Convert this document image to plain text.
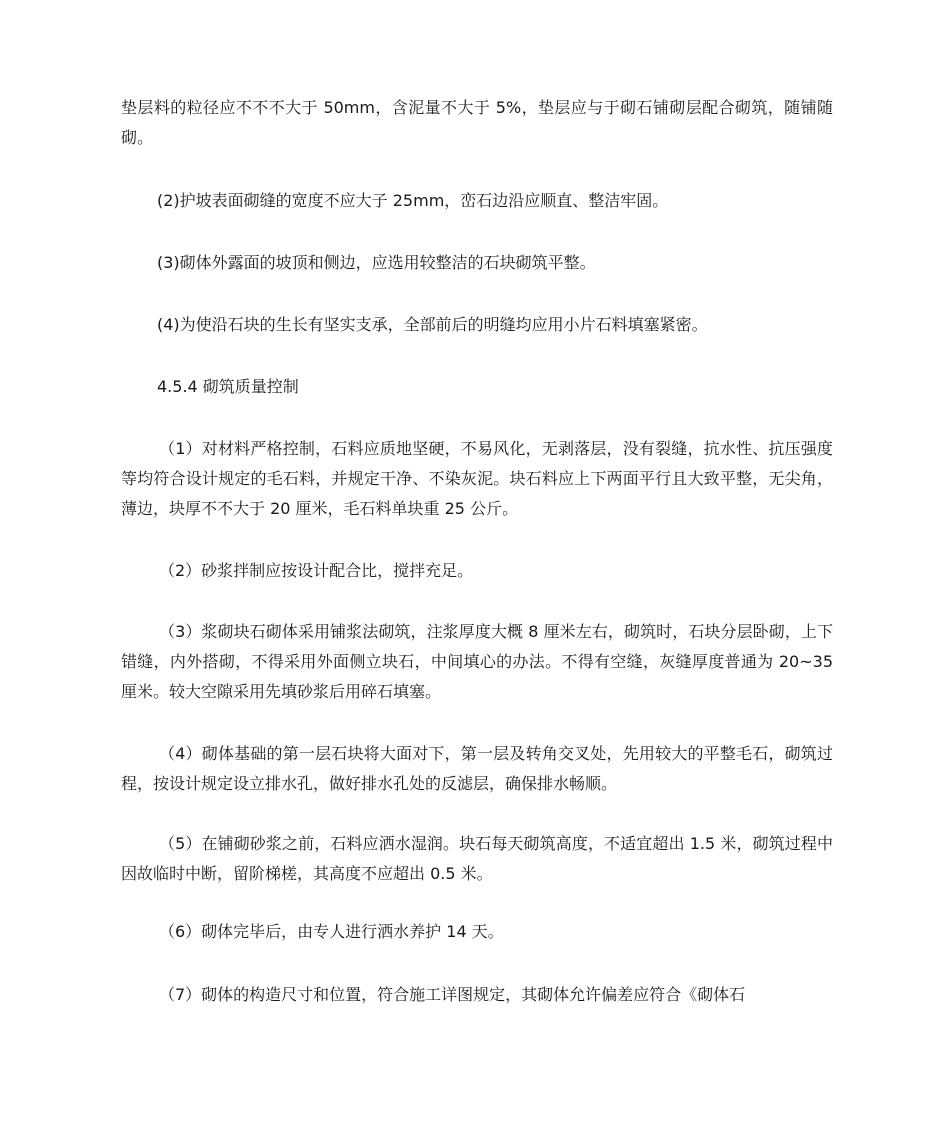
垫层料的粒径应不不不大于 50mm，含泥量不大于 5%，垫层应与于砌石铺砌层配合砌筑，随铺随砌。

(2)护坡表面砌缝的宽度不应大子 25mm，峦石边沿应顺直、整洁牢固。

(3)砌体外露面的坡顶和侧边，应选用较整洁的石块砌筑平整。

(4)为使沿石块的生长有坚实支承，全部前后的明缝均应用小片石料填塞紧密。

4.5.4 砌筑质量控制

（1）对材料严格控制，石料应质地坚硬，不易风化，无剥落层，没有裂缝，抗水性、抗压强度等均符合设计规定的毛石料，并规定干净、不染灰泥。块石料应上下两面平行且大致平整，无尖角，薄边，块厚不不大于 20 厘米，毛石料单块重 25 公斤。

（2）砂浆拌制应按设计配合比，搅拌充足。

（3）浆砌块石砌体采用铺浆法砌筑，注浆厚度大概 8 厘米左右，砌筑时，石块分层卧砌，上下错缝，内外搭砌，不得采用外面侧立块石，中间填心的办法。不得有空缝，灰缝厚度普通为 20~35 厘米。较大空隙采用先填砂浆后用碎石填塞。

（4）砌体基础的第一层石块将大面对下，第一层及转角交叉处，先用较大的平整毛石，砌筑过程，按设计规定设立排水孔，做好排水孔处的反滤层，确保排水畅顺。

（5）在铺砌砂浆之前，石料应洒水湿润。块石每天砌筑高度，不适宜超出 1.5 米，砌筑过程中因故临时中断，留阶梯槎，其高度不应超出 0.5 米。

（6）砌体完毕后，由专人进行洒水养护 14 天。

（7）砌体的构造尺寸和位置，符合施工详图规定，其砌体允许偏差应符合《砌体石
